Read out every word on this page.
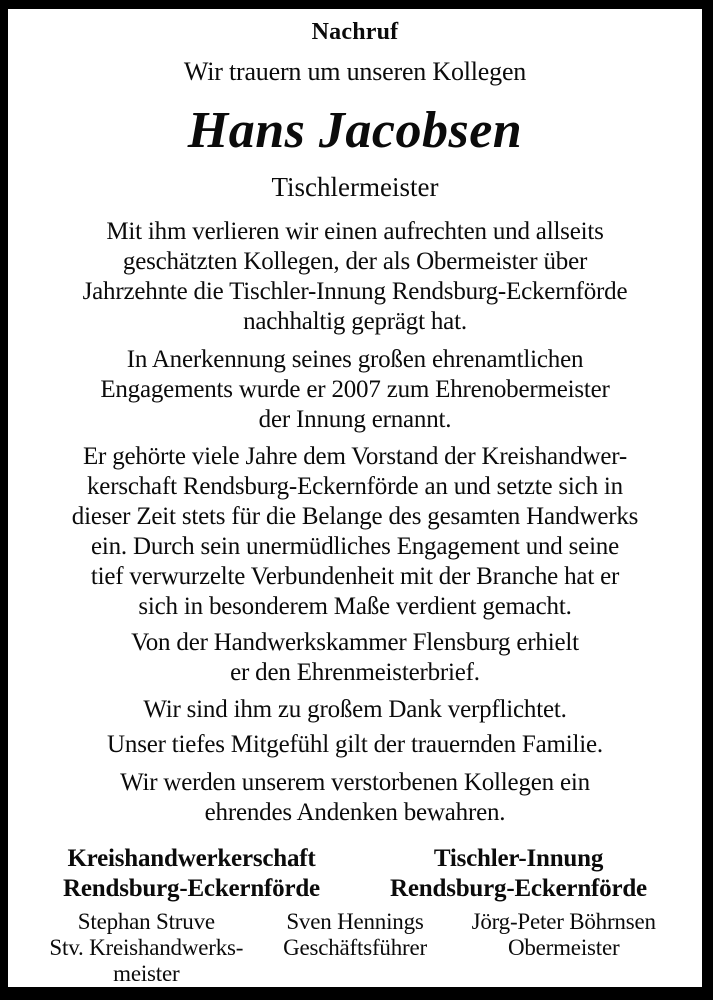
Nachruf
Wir trauern um unseren Kollegen
Hans Jacobsen
Tischlermeister
Mit ihm verlieren wir einen aufrechten und allseits
geschätzten Kollegen, der als Obermeister über
Jahrzehnte die Tischler-Innung Rendsburg-Eckernförde
nachhaltig geprägt hat.
In Anerkennung seines großen ehrenamtlichen
Engagements wurde er 2007 zum Ehrenobermeister
der Innung ernannt.
Er gehörte viele Jahre dem Vorstand der Kreishandwer-
kerschaft Rendsburg-Eckernförde an und setzte sich in
dieser Zeit stets für die Belange des gesamten Handwerks
ein. Durch sein unermüdliches Engagement und seine
tief verwurzelte Verbundenheit mit der Branche hat er
sich in besonderem Maße verdient gemacht.
Von der Handwerkskammer Flensburg erhielt
er den Ehrenmeisterbrief.
Wir sind ihm zu großem Dank verpflichtet.
Unser tiefes Mitgefühl gilt der trauernden Familie.
Wir werden unserem verstorbenen Kollegen ein
ehrendes Andenken bewahren.
Kreishandwerkerschaft
Rendsburg-Eckernförde
Tischler-Innung
Rendsburg-Eckernförde
Stephan Struve
Stv. Kreishandwerks-
meister
Sven Hennings
Geschäftsführer
Jörg-Peter Böhrnsen
Obermeister
